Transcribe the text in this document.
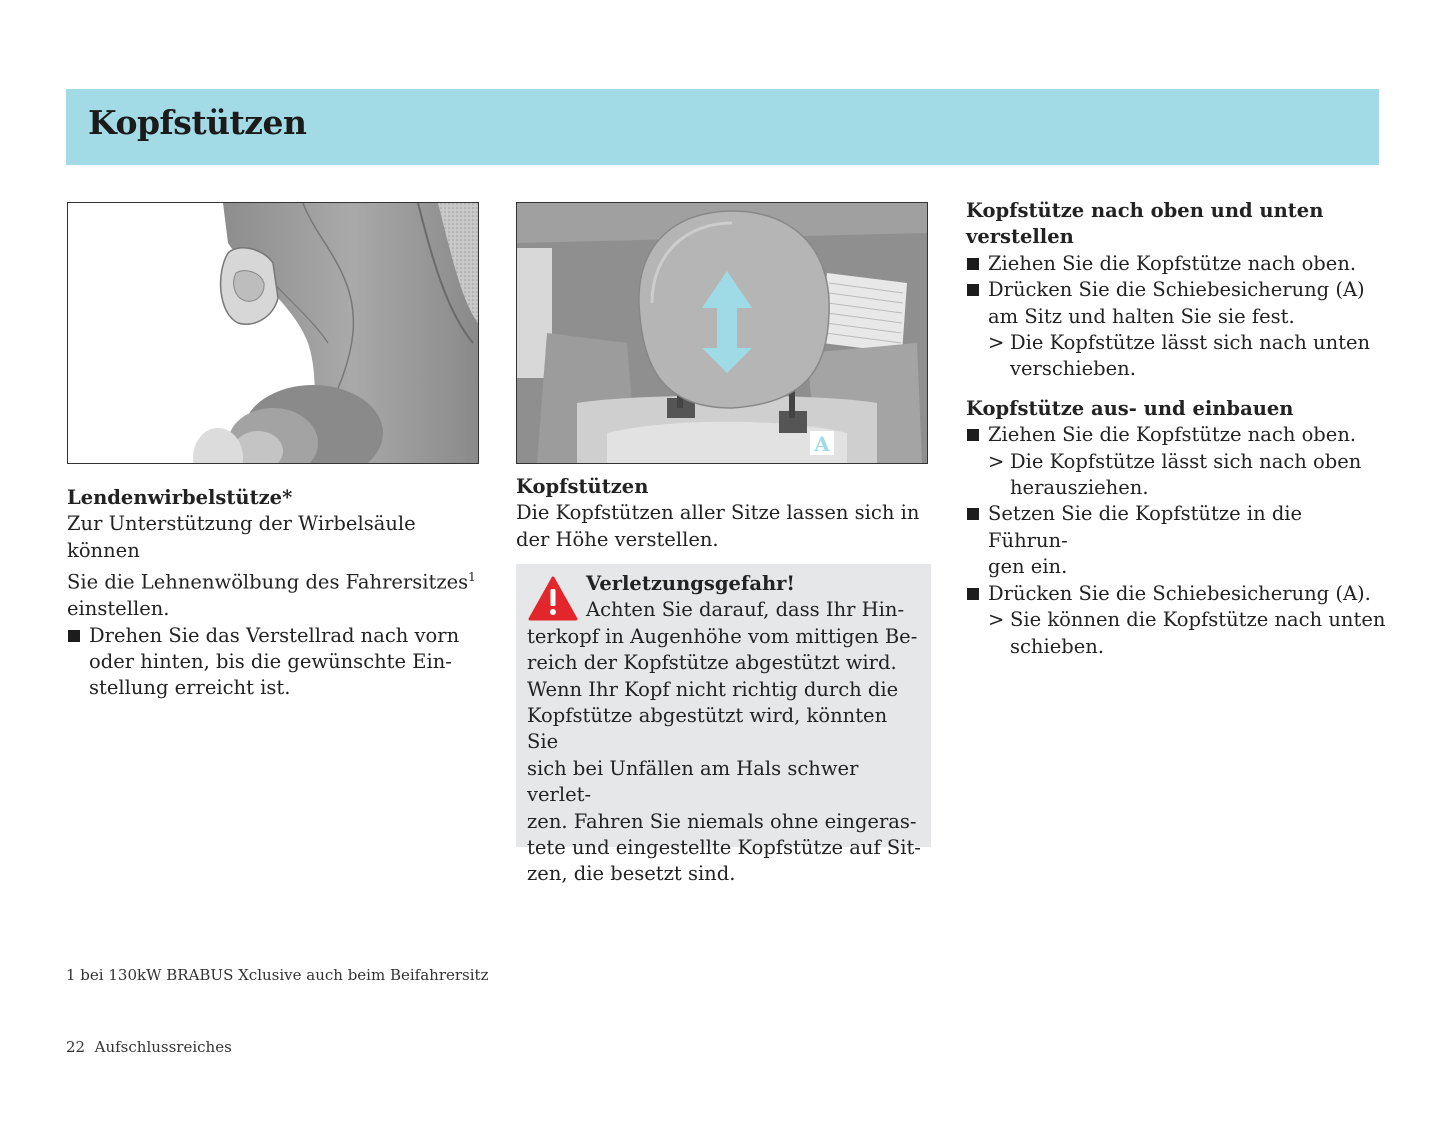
Kopfstützen
A

Lendenwirbelstütze*

Zur Unterstützung der Wirbelsäule können

Sie die Lehnenwölbung des Fahrersitzes$^1$

einstellen.

Drehen Sie das Verstellrad nach vorn
oder hinten, bis die gewünschte Ein-
stellung erreicht ist.

Kopfstützen

Die Kopfstützen aller Sitze lassen sich in

der Höhe verstellen.

Verletzungsgefahr!

Achten Sie darauf, dass Ihr Hin-

terkopf in Augenhöhe vom mittigen Be-

reich der Kopfstütze abgestützt wird.

Wenn Ihr Kopf nicht richtig durch die

Kopfstütze abgestützt wird, könnten Sie

sich bei Unfällen am Hals schwer verlet-

zen. Fahren Sie niemals ohne eingeras-

tete und eingestellte Kopfstütze auf Sit-

zen, die besetzt sind.

Kopfstütze nach oben und unten

verstellen

Ziehen Sie die Kopfstütze nach oben.
Drücken Sie die Schiebesicherung (A)
am Sitz und halten Sie sie fest.
> Die Kopfstütze lässt sich nach unten
verschieben.

Kopfstütze aus- und einbauen

Ziehen Sie die Kopfstütze nach oben.
> Die Kopfstütze lässt sich nach oben
herausziehen.
Setzen Sie die Kopfstütze in die Führun-
gen ein.
Drücken Sie die Schiebesicherung (A).
> Sie können die Kopfstütze nach unten
schieben.
1 bei 130kW BRABUS Xclusive auch beim Beifahrersitz
22 Aufschlussreiches
